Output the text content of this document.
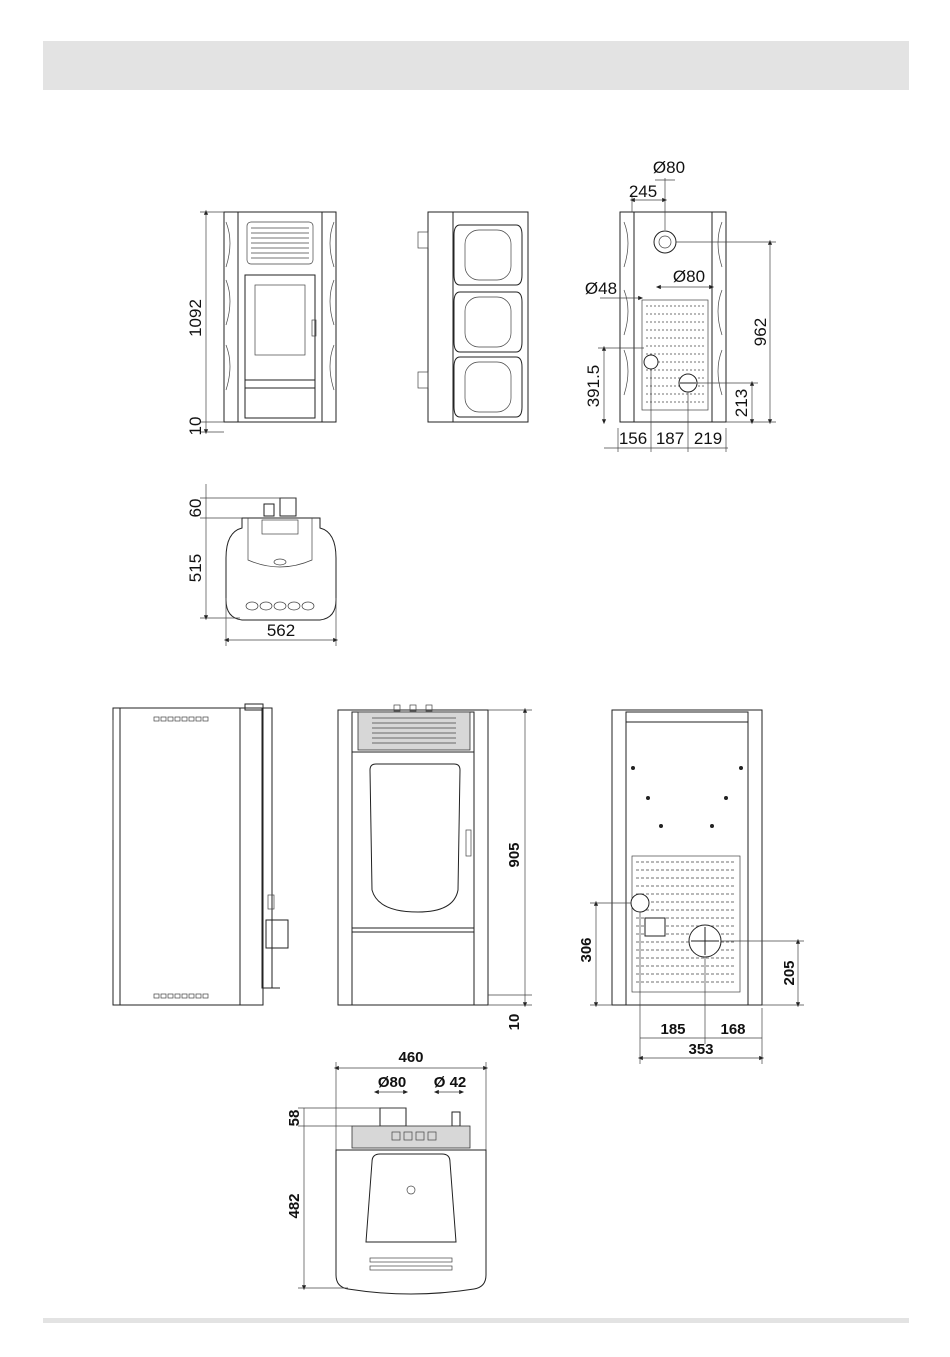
1092
10
Ø80
245
Ø48
Ø80
962
391.5	213
156 187 219
60
515
562
905
10
306
205
185 168
353
460
Ø80 Ø 42
58
482
